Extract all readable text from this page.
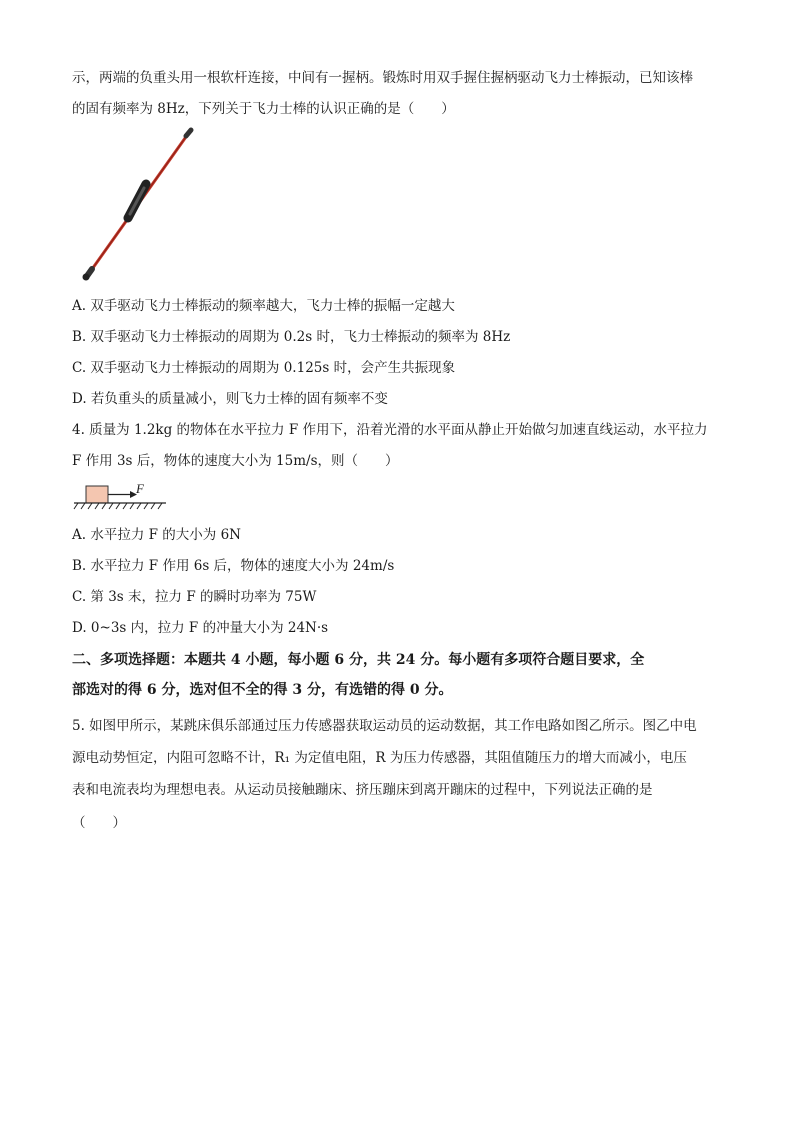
示，两端的负重头用一根软杆连接，中间有一握柄。锻炼时用双手握住握柄驱动飞力士棒振动，已知该棒
的固有频率为 8Hz，下列关于飞力士棒的认识正确的是（　　）
A. 双手驱动飞力士棒振动的频率越大，飞力士棒的振幅一定越大
B. 双手驱动飞力士棒振动的周期为 0.2s 时，飞力士棒振动的频率为 8Hz
C. 双手驱动飞力士棒振动的周期为 0.125s 时，会产生共振现象
D. 若负重头的质量减小，则飞力士棒的固有频率不变
4. 质量为 1.2kg 的物体在水平拉力 F 作用下，沿着光滑的水平面从静止开始做匀加速直线运动，水平拉力
F 作用 3s 后，物体的速度大小为 15m/s，则（　　）
F
A. 水平拉力 F 的大小为 6N
B. 水平拉力 F 作用 6s 后，物体的速度大小为 24m/s
C. 第 3s 末，拉力 F 的瞬时功率为 75W
D. 0~3s 内，拉力 F 的冲量大小为 24N·s
二、多项选择题：本题共 4 小题，每小题 6 分，共 24 分。每小题有多项符合题目要求，全
部选对的得 6 分，选对但不全的得 3 分，有选错的得 0 分。
5. 如图甲所示，某跳床俱乐部通过压力传感器获取运动员的运动数据，其工作电路如图乙所示。图乙中电
源电动势恒定，内阻可忽略不计，R₁ 为定值电阻，R 为压力传感器，其阻值随压力的增大而减小，电压
表和电流表均为理想电表。从运动员接触蹦床、挤压蹦床到离开蹦床的过程中，下列说法正确的是
（　　）
